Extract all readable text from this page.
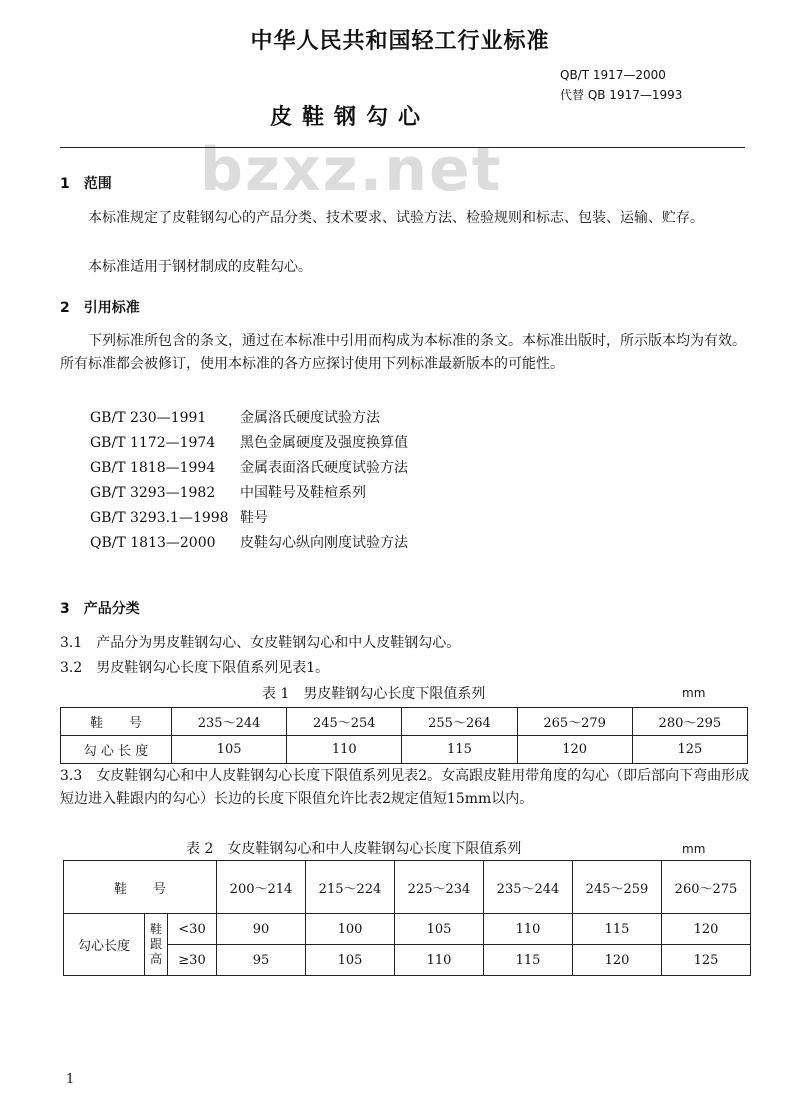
中华人民共和国轻工行业标准
QB/T 1917—2000
代替 QB 1917—1993
皮鞋钢勾心
bzxz.net
1　范围
本标准规定了皮鞋钢勾心的产品分类、技术要求、试验方法、检验规则和标志、包装、运输、贮存。
本标准适用于钢材制成的皮鞋勾心。
2　引用标准
下列标准所包含的条文，通过在本标准中引用而构成为本标准的条文。本标准出版时，所示版本均为有效。所有标准都会被修订，使用本标准的各方应探讨使用下列标准最新版本的可能性。
GB/T 230—1991 金属洛氏硬度试验方法
GB/T 1172—1974 黑色金属硬度及强度换算值
GB/T 1818—1994 金属表面洛氏硬度试验方法
GB/T 3293—1982 中国鞋号及鞋楦系列
GB/T 3293.1—1998 鞋号
QB/T 1813—2000 皮鞋勾心纵向刚度试验方法
3　产品分类
3.1　产品分为男皮鞋钢勾心、女皮鞋钢勾心和中人皮鞋钢勾心。
3.2　男皮鞋钢勾心长度下限值系列见表1。
表 1　男皮鞋钢勾心长度下限值系列	mm
鞋　　号	235～244	245～254	255～264	265～279	280～295
勾 心 长 度	105	110	115	120	125
3.3　女皮鞋钢勾心和中人皮鞋钢勾心长度下限值系列见表2。女高跟皮鞋用带角度的勾心（即后部向下弯曲形成短边进入鞋跟内的勾心）长边的长度下限值允许比表2规定值短15mm以内。
表 2　女皮鞋钢勾心和中人皮鞋钢勾心长度下限值系列	mm
鞋　　号			200～214	215～224	225～234	235～244	245～259	260～275
勾心长度	鞋跟高	<30	90	100	105	110	115	120
		≥30	95	105	110	115	120	125
1
